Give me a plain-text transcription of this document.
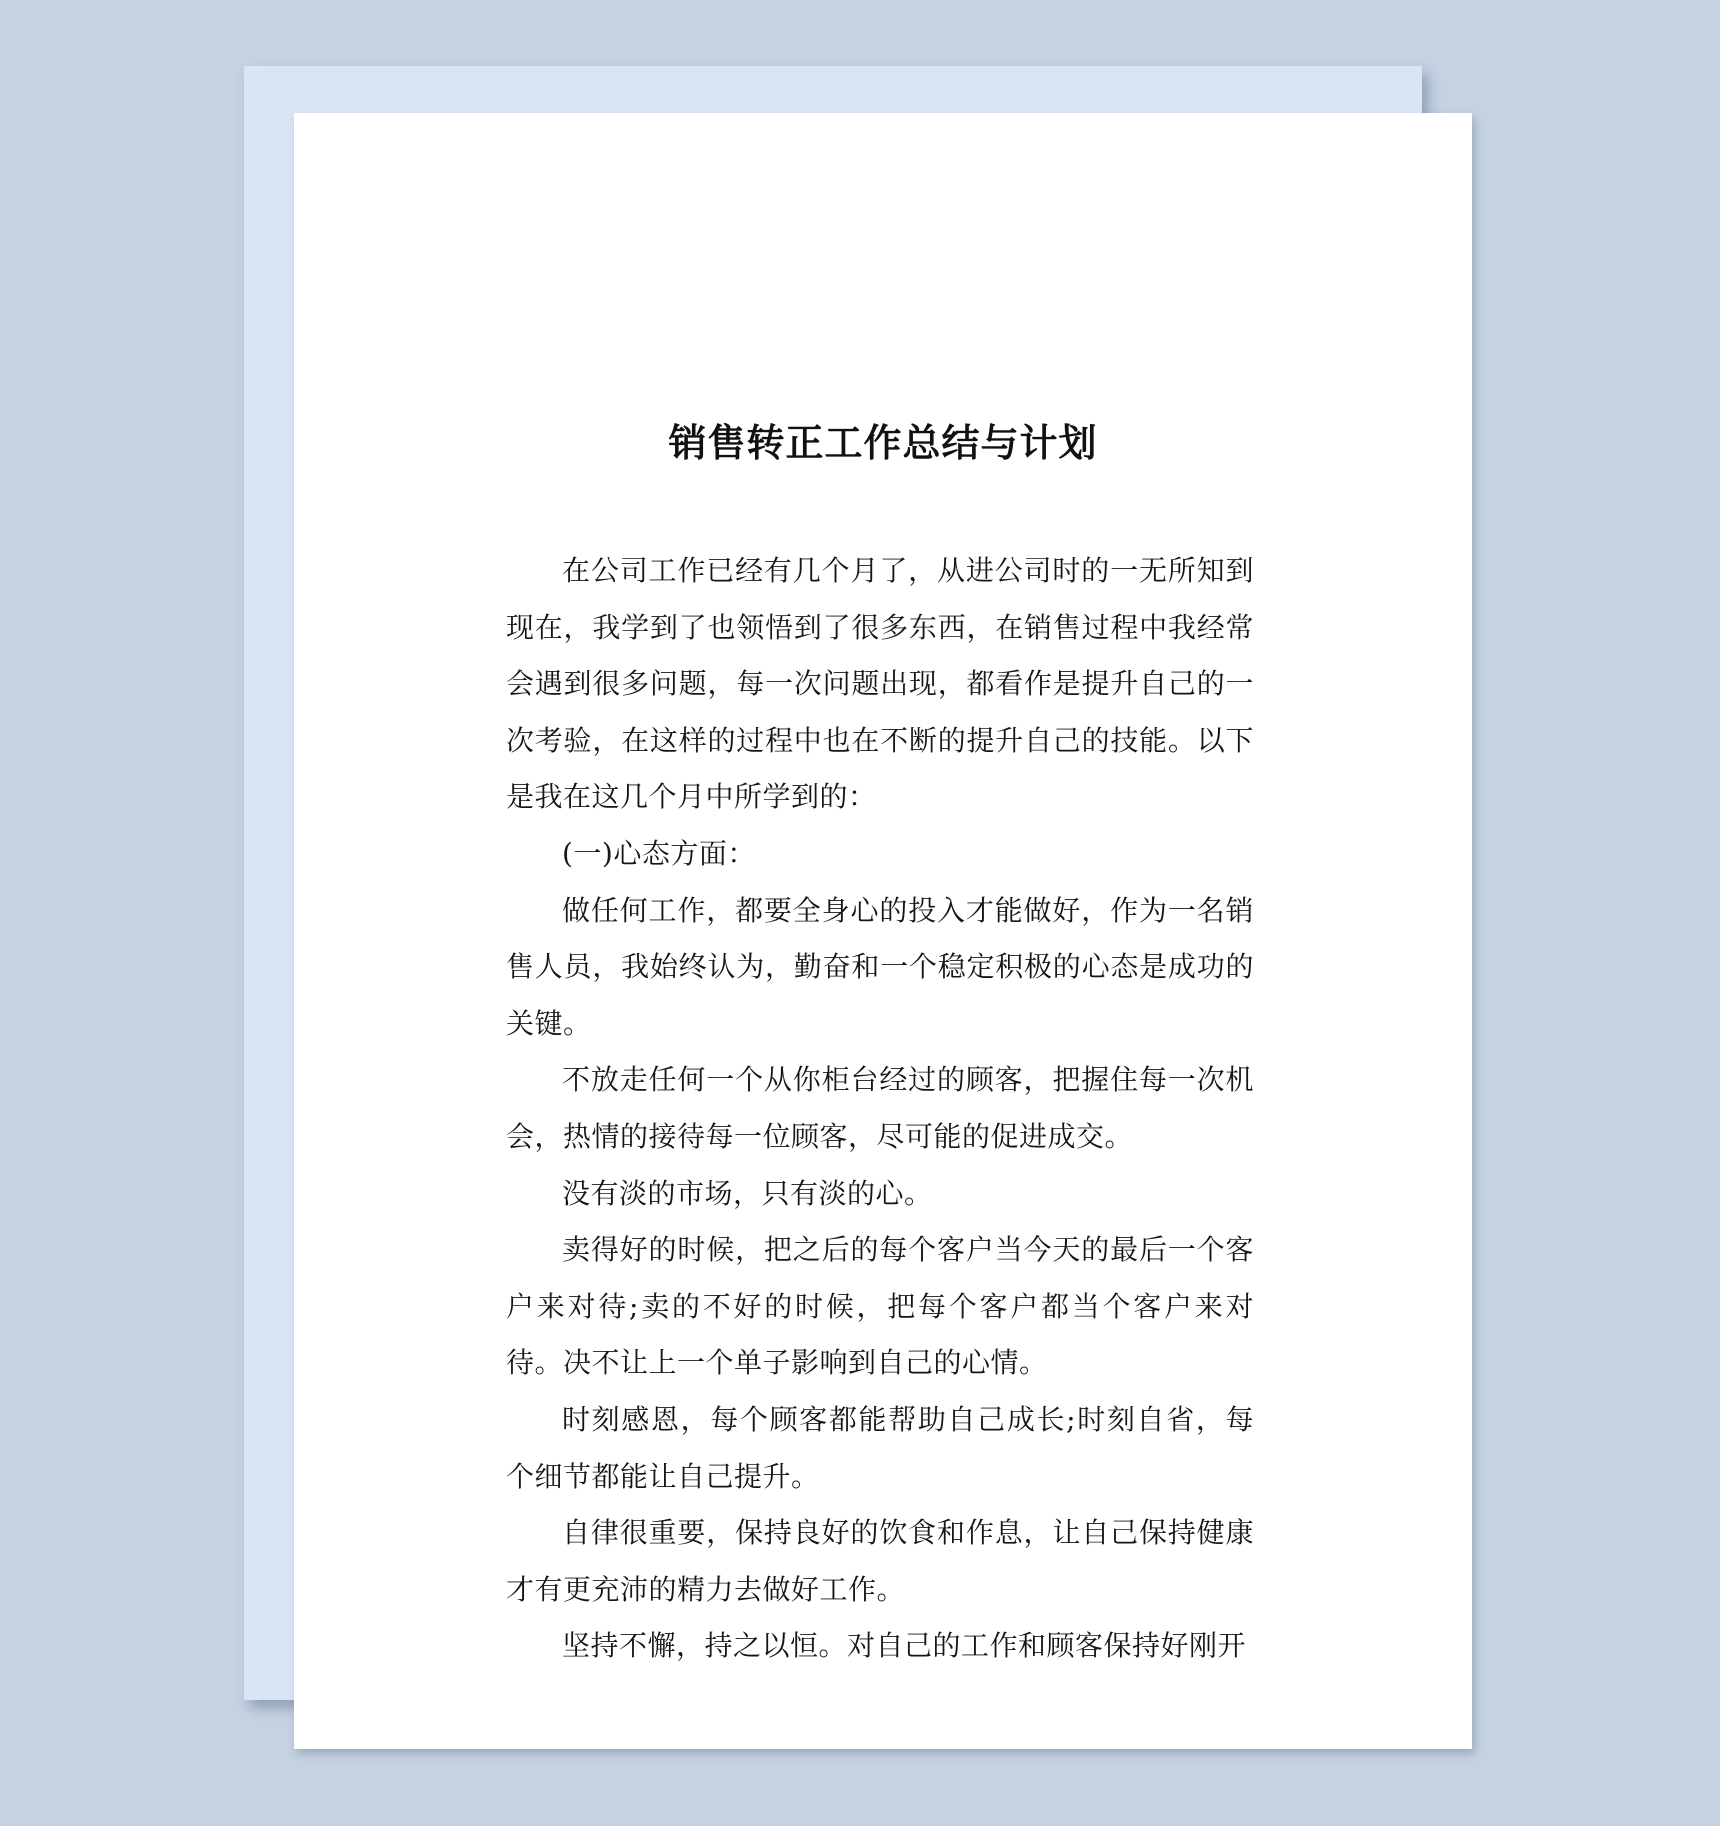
销售转正工作总结与计划

在公司工作已经有几个月了，从进公司时的一无所知到现在，我学到了也领悟到了很多东西，在销售过程中我经常会遇到很多问题，每一次问题出现，都看作是提升自己的一次考验，在这样的过程中也在不断的提升自己的技能。以下是我在这几个月中所学到的：

(一)心态方面：

做任何工作，都要全身心的投入才能做好，作为一名销售人员，我始终认为，勤奋和一个稳定积极的心态是成功的关键。

不放走任何一个从你柜台经过的顾客，把握住每一次机会，热情的接待每一位顾客，尽可能的促进成交。

没有淡的市场，只有淡的心。

卖得好的时候，把之后的每个客户当今天的最后一个客户来对待;卖的不好的时候，把每个客户都当个客户来对待。决不让上一个单子影响到自己的心情。

时刻感恩，每个顾客都能帮助自己成长;时刻自省，每个细节都能让自己提升。

自律很重要，保持良好的饮食和作息，让自己保持健康才有更充沛的精力去做好工作。

坚持不懈，持之以恒。对自己的工作和顾客保持好刚开
